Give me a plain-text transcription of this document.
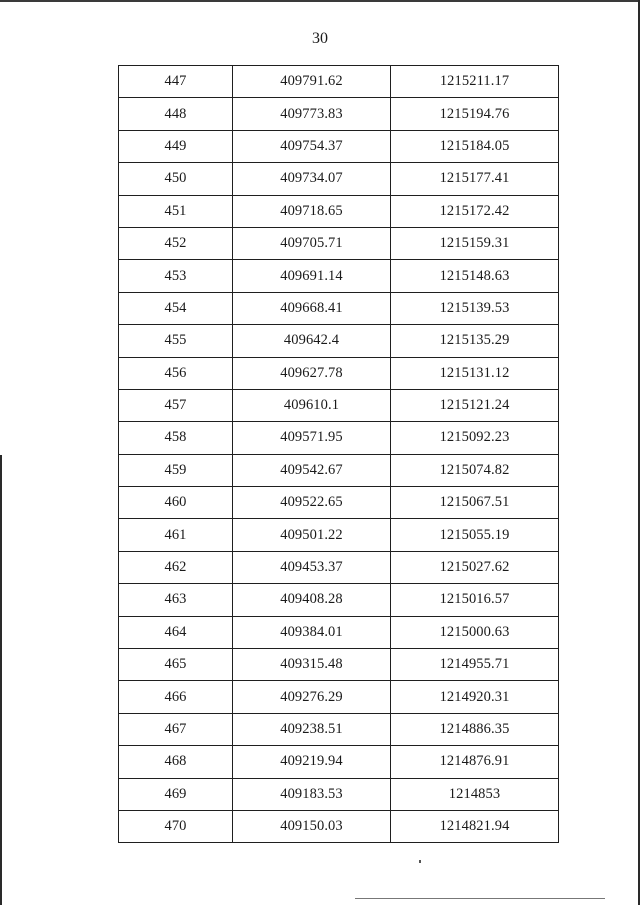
30
447	409791.62	1215211.17
448	409773.83	1215194.76
449	409754.37	1215184.05
450	409734.07	1215177.41
451	409718.65	1215172.42
452	409705.71	1215159.31
453	409691.14	1215148.63
454	409668.41	1215139.53
455	409642.4	1215135.29
456	409627.78	1215131.12
457	409610.1	1215121.24
458	409571.95	1215092.23
459	409542.67	1215074.82
460	409522.65	1215067.51
461	409501.22	1215055.19
462	409453.37	1215027.62
463	409408.28	1215016.57
464	409384.01	1215000.63
465	409315.48	1214955.71
466	409276.29	1214920.31
467	409238.51	1214886.35
468	409219.94	1214876.91
469	409183.53	1214853
470	409150.03	1214821.94
